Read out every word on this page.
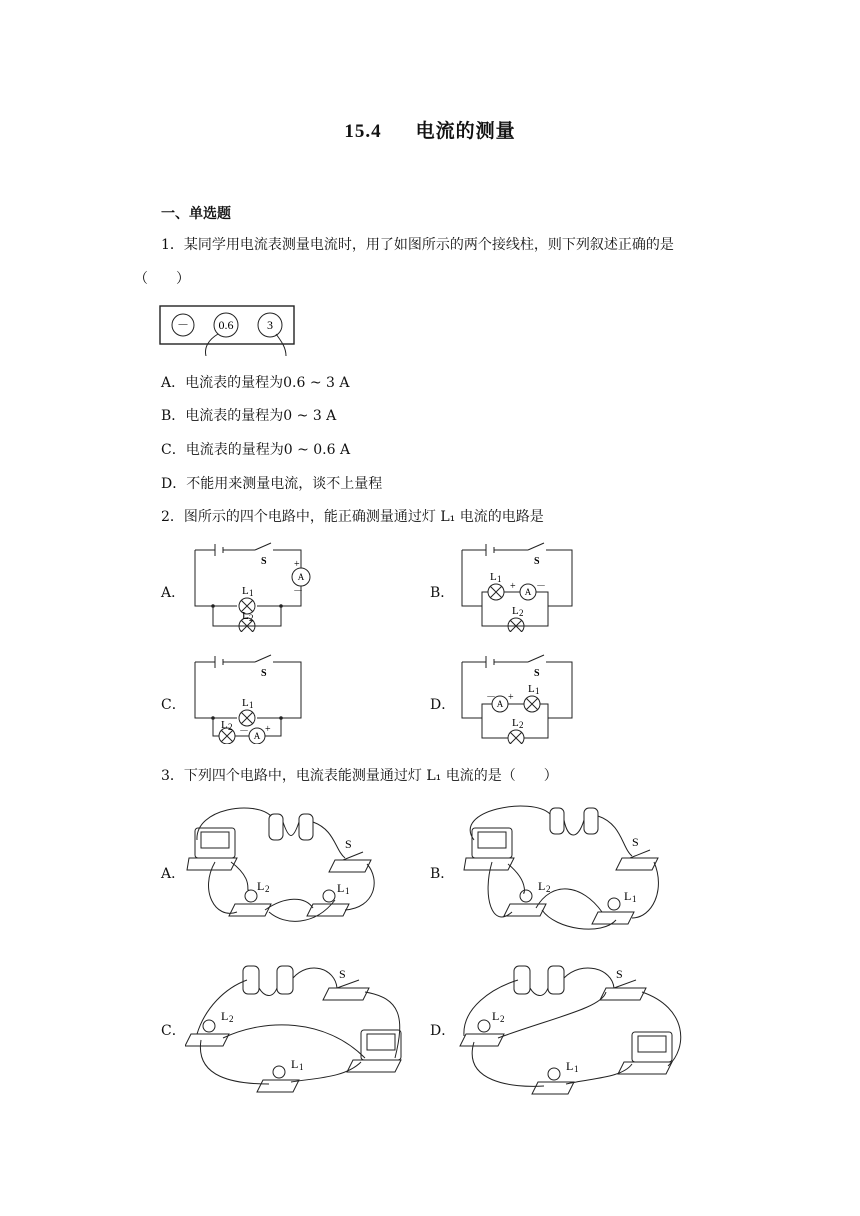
15.4 电流的测量
一、单选题
1．某同学用电流表测量电流时，用了如图所示的两个接线柱，则下列叙述正确的是
（　　）
－ 0.6	3
A．电流表的量程为0.6 ~ 3 A
B．电流表的量程为0 ~ 3 A
C．电流表的量程为0 ~ 0.6 A
D．不能用来测量电流，谈不上量程
2．图所示的四个电路中，能正确测量通过灯 L₁ 电流的电路是
A．
S
A
+
－
L 1
L 2
B．
S
A
+ －
L 1
L 2
C．
S
A
－ +
L 1
L 2
D．
S
A
－ +
L 1
L 2
3．下列四个电路中，电流表能测量通过灯 L₁ 电流的是（　　）
A．
S
L 2	L 1
B．
S
L 2	L 1
C．
S
L 2
L 1
D．
S
L 2
L 1
